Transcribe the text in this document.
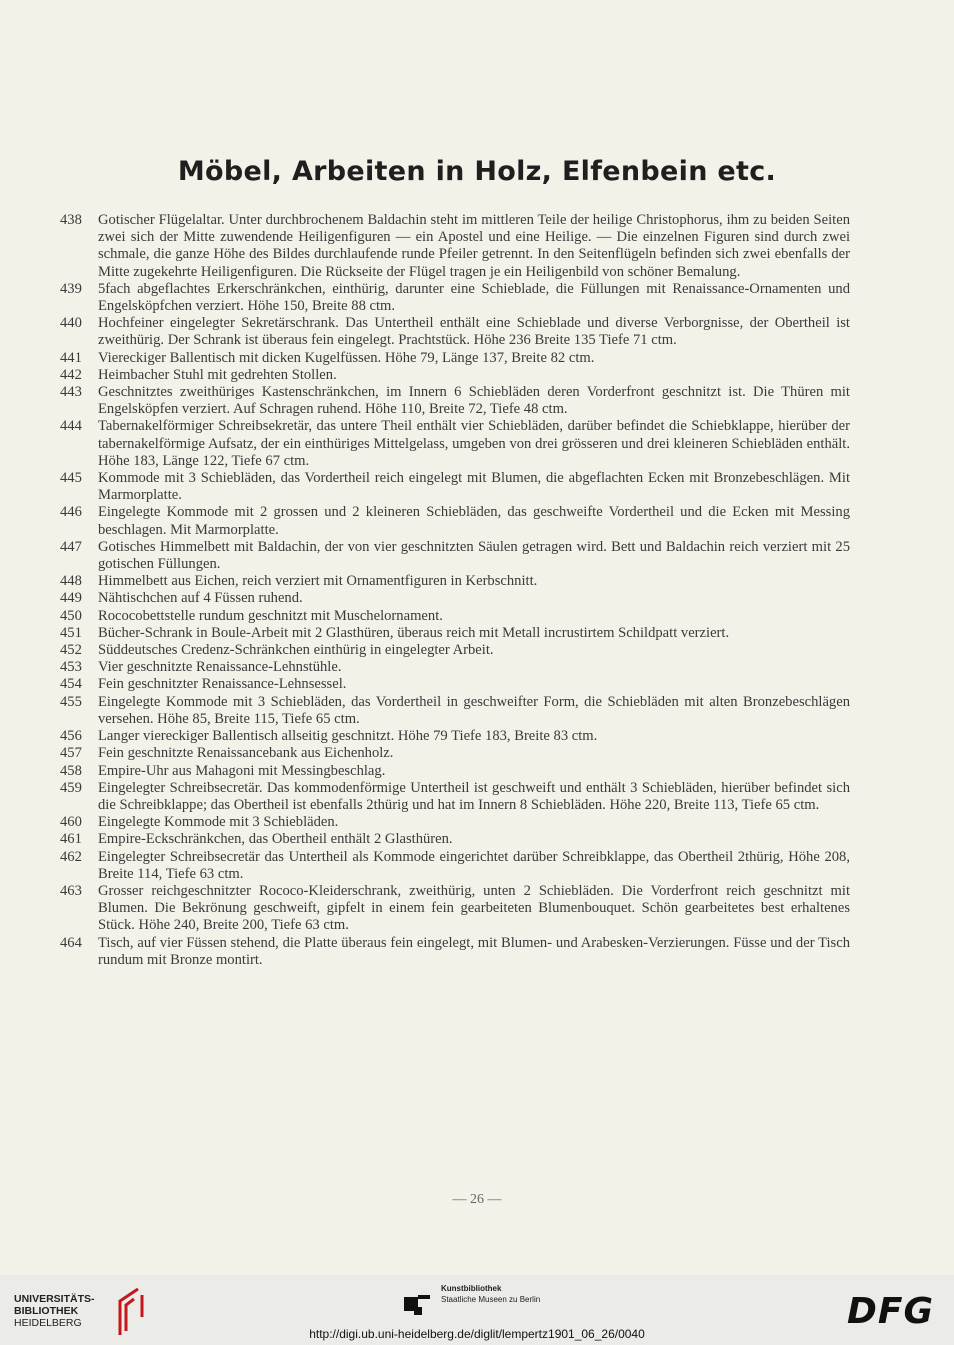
Möbel, Arbeiten in Holz, Elfenbein etc.
438	Gotischer Flügelaltar. Unter durchbrochenem Baldachin steht im mittleren Teile der heilige Christophorus, ihm zu beiden Seiten zwei sich der Mitte zuwendende Heiligenfiguren — ein Apostel und eine Heilige. — Die einzelnen Figuren sind durch zwei schmale, die ganze Höhe des Bildes durchlaufende runde Pfeiler getrennt. In den Seitenflügeln befinden sich zwei ebenfalls der Mitte zugekehrte Heiligenfiguren. Die Rückseite der Flügel tragen je ein Heiligenbild von schöner Bemalung.
439	5fach abgeflachtes Erkerschränkchen, einthürig, darunter eine Schieblade, die Füllungen mit Renaissance-Ornamenten und Engelsköpfchen verziert. Höhe 150, Breite 88 ctm.
440	Hochfeiner eingelegter Sekretärschrank. Das Untertheil enthält eine Schieblade und diverse Verborgnisse, der Obertheil ist zweithürig. Der Schrank ist überaus fein eingelegt. Prachtstück. Höhe 236 Breite 135 Tiefe 71 ctm.
441	Viereckiger Ballentisch mit dicken Kugelfüssen. Höhe 79, Länge 137, Breite 82 ctm.
442	Heimbacher Stuhl mit gedrehten Stollen.
443	Geschnitztes zweithüriges Kastenschränkchen, im Innern 6 Schiebläden deren Vorderfront geschnitzt ist. Die Thüren mit Engelsköpfen verziert. Auf Schragen ruhend. Höhe 110, Breite 72, Tiefe 48 ctm.
444	Tabernakelförmiger Schreibsekretär, das untere Theil enthält vier Schiebläden, darüber befindet die Schiebklappe, hierüber der tabernakelförmige Aufsatz, der ein einthüriges Mittelgelass, umgeben von drei grösseren und drei kleineren Schiebläden enthält. Höhe 183, Länge 122, Tiefe 67 ctm.
445	Kommode mit 3 Schiebläden, das Vordertheil reich eingelegt mit Blumen, die abgeflachten Ecken mit Bronzebeschlägen. Mit Marmorplatte.
446	Eingelegte Kommode mit 2 grossen und 2 kleineren Schiebläden, das geschweifte Vordertheil und die Ecken mit Messing beschlagen. Mit Marmorplatte.
447	Gotisches Himmelbett mit Baldachin, der von vier geschnitzten Säulen getragen wird. Bett und Baldachin reich verziert mit 25 gotischen Füllungen.
448	Himmelbett aus Eichen, reich verziert mit Ornamentfiguren in Kerbschnitt.
449	Nähtischchen auf 4 Füssen ruhend.
450	Rococobettstelle rundum geschnitzt mit Muschelornament.
451	Bücher-Schrank in Boule-Arbeit mit 2 Glasthüren, überaus reich mit Metall incrustirtem Schildpatt verziert.
452	Süddeutsches Credenz-Schränkchen einthürig in eingelegter Arbeit.
453	Vier geschnitzte Renaissance-Lehnstühle.
454	Fein geschnitzter Renaissance-Lehnsessel.
455	Eingelegte Kommode mit 3 Schiebläden, das Vordertheil in geschweifter Form, die Schiebläden mit alten Bronzebeschlägen versehen. Höhe 85, Breite 115, Tiefe 65 ctm.
456	Langer viereckiger Ballentisch allseitig geschnitzt. Höhe 79 Tiefe 183, Breite 83 ctm.
457	Fein geschnitzte Renaissancebank aus Eichenholz.
458	Empire-Uhr aus Mahagoni mit Messingbeschlag.
459	Eingelegter Schreibsecretär. Das kommodenförmige Untertheil ist geschweift und enthält 3 Schiebläden, hierüber befindet sich die Schreibklappe; das Obertheil ist ebenfalls 2thürig und hat im Innern 8 Schiebläden. Höhe 220, Breite 113, Tiefe 65 ctm.
460	Eingelegte Kommode mit 3 Schiebläden.
461	Empire-Eckschränkchen, das Obertheil enthält 2 Glasthüren.
462	Eingelegter Schreibsecretär das Untertheil als Kommode eingerichtet darüber Schreibklappe, das Obertheil 2thürig, Höhe 208, Breite 114, Tiefe 63 ctm.
463	Grosser reichgeschnitzter Rococo-Kleiderschrank, zweithürig, unten 2 Schiebläden. Die Vorderfront reich geschnitzt mit Blumen. Die Bekrönung geschweift, gipfelt in einem fein gearbeiteten Blumenbouquet. Schön gearbeitetes best erhaltenes Stück. Höhe 240, Breite 200, Tiefe 63 ctm.
464	Tisch, auf vier Füssen stehend, die Platte überaus fein eingelegt, mit Blumen- und Arabesken-Verzierungen. Füsse und der Tisch rundum mit Bronze montirt.
— 26 —
UNIVERSITÄTS-
BIBLIOTHEK
HEIDELBERG
Kunstbibliothek
Staatliche Museen zu Berlin	DFG
http://digi.ub.uni-heidelberg.de/diglit/lempertz1901_06_26/0040
